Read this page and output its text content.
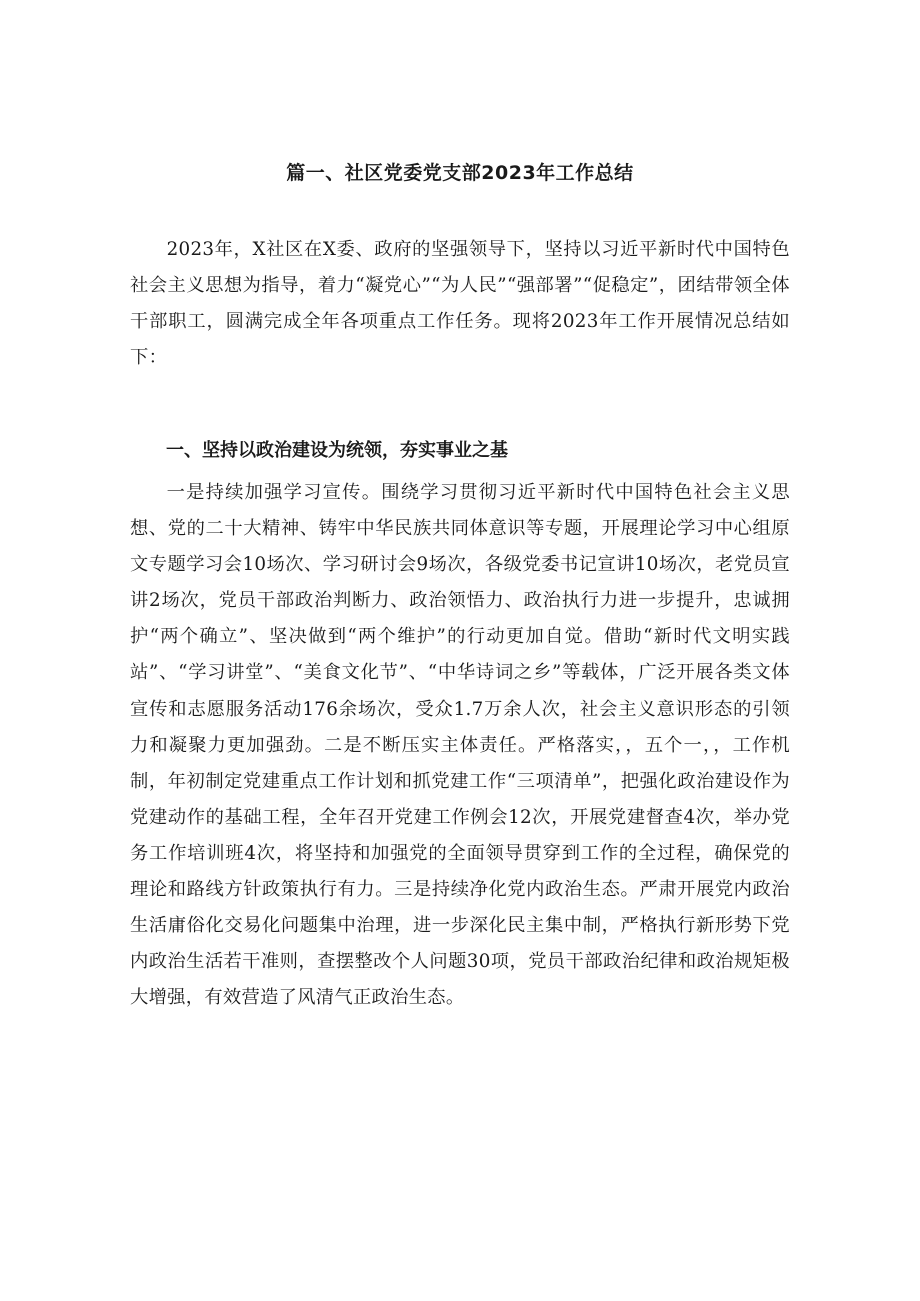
篇一、社区党委党支部2023年工作总结

2023年，X社区在X委、政府的坚强领导下，坚持以习近平新时代中国特色社会主义思想为指导，着力“凝党心”“为人民”“强部署”“促稳定”，团结带领全体干部职工，圆满完成全年各项重点工作任务。现将2023年工作开展情况总结如下：

一、坚持以政治建设为统领，夯实事业之基

一是持续加强学习宣传。围绕学习贯彻习近平新时代中国特色社会主义思想、党的二十大精神、铸牢中华民族共同体意识等专题，开展理论学习中心组原文专题学习会10场次、学习研讨会9场次，各级党委书记宣讲10场次，老党员宣讲2场次，党员干部政治判断力、政治领悟力、政治执行力进一步提升，忠诚拥护“两个确立”、坚决做到“两个维护”的行动更加自觉。借助“新时代文明实践站”、“学习讲堂”、“美食文化节”、“中华诗词之乡”等载体，广泛开展各类文体宣传和志愿服务活动176余场次，受众1.7万余人次，社会主义意识形态的引领力和凝聚力更加强劲。二是不断压实主体责任。严格落实，，五个一，，工作机制，年初制定党建重点工作计划和抓党建工作“三项清单”，把强化政治建设作为党建动作的基础工程，全年召开党建工作例会12次，开展党建督查4次，举办党务工作培训班4次，将坚持和加强党的全面领导贯穿到工作的全过程，确保党的理论和路线方针政策执行有力。三是持续净化党内政治生态。严肃开展党内政治生活庸俗化交易化问题集中治理，进一步深化民主集中制，严格执行新形势下党内政治生活若干准则，查摆整改个人问题30项，党员干部政治纪律和政治规矩极大增强，有效营造了风清气正政治生态。
